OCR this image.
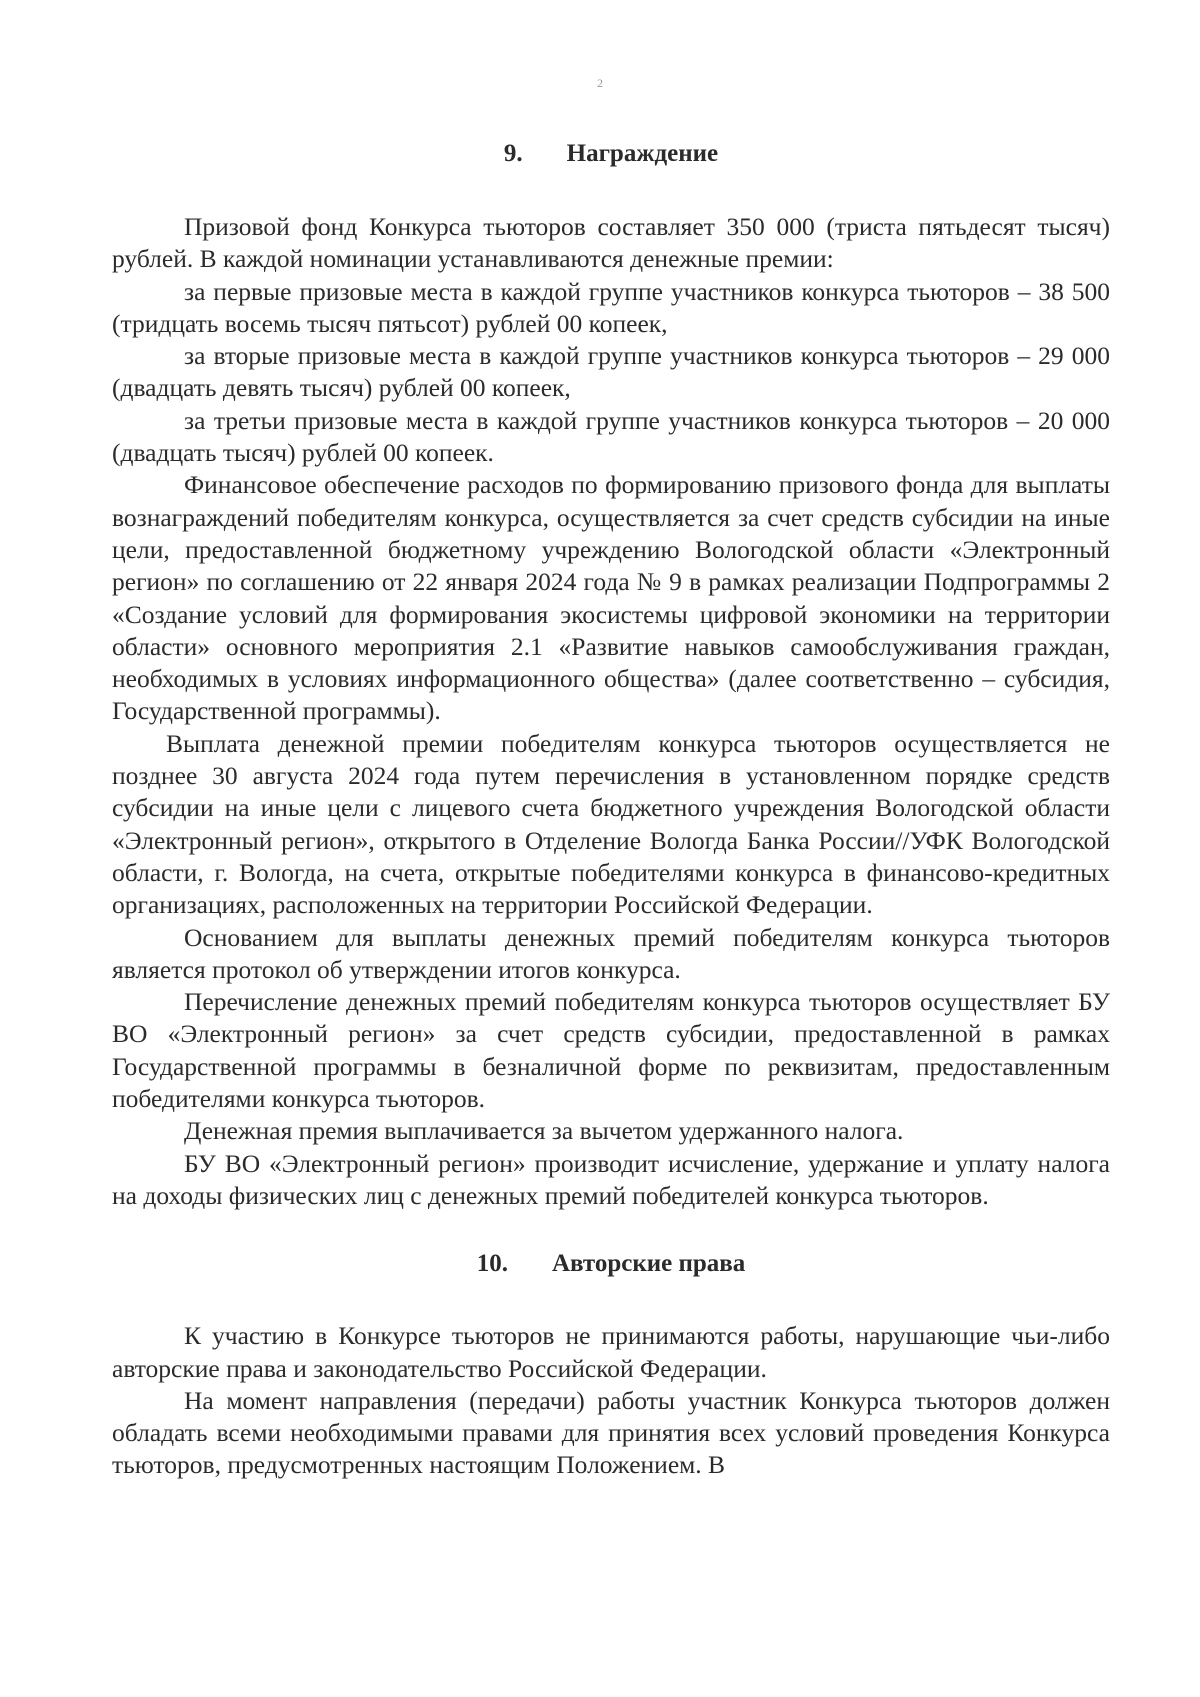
2
9. Награждение

Призовой фонд Конкурса тьюторов составляет 350 000 (триста пятьдесят тысяч) рублей. В каждой номинации устанавливаются денежные премии:

за первые призовые места в каждой группе участников конкурса тьюторов – 38 500 (тридцать восемь тысяч пятьсот) рублей 00 копеек,

за вторые призовые места в каждой группе участников конкурса тьюторов – 29 000 (двадцать девять тысяч) рублей 00 копеек,

за третьи призовые места в каждой группе участников конкурса тьюторов – 20 000 (двадцать тысяч) рублей 00 копеек.

Финансовое обеспечение расходов по формированию призового фонда для выплаты вознаграждений победителям конкурса, осуществляется за счет средств субсидии на иные цели, предоставленной бюджетному учреждению Вологодской области «Электронный регион» по соглашению от 22 января 2024 года № 9 в рамках реализации Подпрограммы 2 «Создание условий для формирования экосистемы цифровой экономики на территории области» основного мероприятия 2.1 «Развитие навыков самообслуживания граждан, необходимых в условиях информационного общества» (далее соответственно – субсидия, Государственной программы).

Выплата денежной премии победителям конкурса тьюторов осуществляется не позднее 30 августа 2024 года путем перечисления в установленном порядке средств субсидии на иные цели с лицевого счета бюджетного учреждения Вологодской области «Электронный регион», открытого в Отделение Вологда Банка России//УФК Вологодской области, г. Вологда, на счета, открытые победителями конкурса в финансово-кредитных организациях, расположенных на территории Российской Федерации.

Основанием для выплаты денежных премий победителям конкурса тьюторов является протокол об утверждении итогов конкурса.

Перечисление денежных премий победителям конкурса тьюторов осуществляет БУ ВО «Электронный регион» за счет средств субсидии, предоставленной в рамках Государственной программы в безналичной форме по реквизитам, предоставленным победителями конкурса тьюторов.

Денежная премия выплачивается за вычетом удержанного налога.

БУ ВО «Электронный регион» производит исчисление, удержание и уплату налога на доходы физических лиц с денежных премий победителей конкурса тьюторов.

10. Авторские права

К участию в Конкурсе тьюторов не принимаются работы, нарушающие чьи-либо авторские права и законодательство Российской Федерации.

На момент направления (передачи) работы участник Конкурса тьюторов должен обладать всеми необходимыми правами для принятия всех условий проведения Конкурса тьюторов, предусмотренных настоящим Положением. В
